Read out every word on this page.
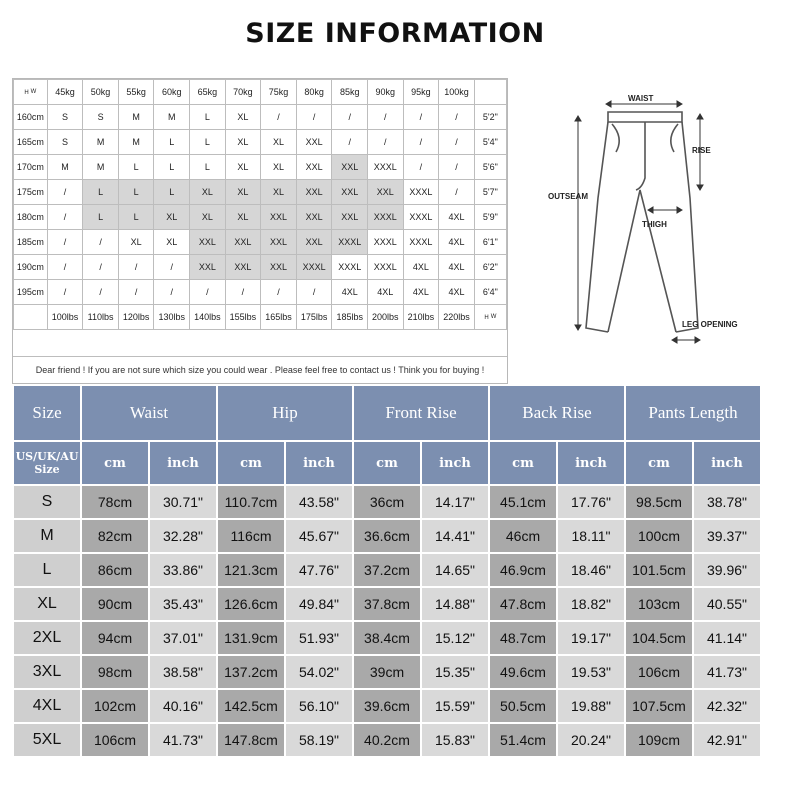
SIZE INFORMATION
H W	45kg	50kg	55kg	60kg	65kg	70kg	75kg	80kg	85kg	90kg	95kg	100kg	
160cm	S	S	M	M	L	XL	/	/	/	/	/	/	5'2"
165cm	S	M	M	L	L	XL	XL	XXL	/	/	/	/	5'4"
170cm	M	M	L	L	L	XL	XL	XXL	XXL	XXXL	/	/	5'6"
175cm	/	L	L	L	XL	XL	XL	XXL	XXL	XXL	XXXL	/	5'7"
180cm	/	L	L	XL	XL	XL	XXL	XXL	XXL	XXXL	XXXL	4XL	5'9"
185cm	/	/	XL	XL	XXL	XXL	XXL	XXL	XXXL	XXXL	XXXL	4XL	6'1"
190cm	/	/	/	/	XXL	XXL	XXL	XXXL	XXXL	XXXL	4XL	4XL	6'2"
195cm	/	/	/	/	/	/	/	/	4XL	4XL	4XL	4XL	6'4"
	100lbs	110lbs	120lbs	130lbs	140lbs	155lbs	165lbs	175lbs	185lbs	200lbs	210lbs	220lbs	H W
Dear friend ! If you are not sure which size you could wear . Please feel free to contact us ! Think you for buying !
WAIST
RISE
OUTSEAM
THIGH
LEG OPENING
Size	Waist		Hip		Front Rise		Back Rise		Pants Length	
US/UK/AU Size	cm	inch	cm	inch	cm	inch	cm	inch	cm	inch
S	78cm	30.71"	110.7cm	43.58"	36cm	14.17"	45.1cm	17.76"	98.5cm	38.78"
M	82cm	32.28"	116cm	45.67"	36.6cm	14.41"	46cm	18.11"	100cm	39.37"
L	86cm	33.86"	121.3cm	47.76"	37.2cm	14.65"	46.9cm	18.46"	101.5cm	39.96"
XL	90cm	35.43"	126.6cm	49.84"	37.8cm	14.88"	47.8cm	18.82"	103cm	40.55"
2XL	94cm	37.01"	131.9cm	51.93"	38.4cm	15.12"	48.7cm	19.17"	104.5cm	41.14"
3XL	98cm	38.58"	137.2cm	54.02"	39cm	15.35"	49.6cm	19.53"	106cm	41.73"
4XL	102cm	40.16"	142.5cm	56.10"	39.6cm	15.59"	50.5cm	19.88"	107.5cm	42.32"
5XL	106cm	41.73"	147.8cm	58.19"	40.2cm	15.83"	51.4cm	20.24"	109cm	42.91"
